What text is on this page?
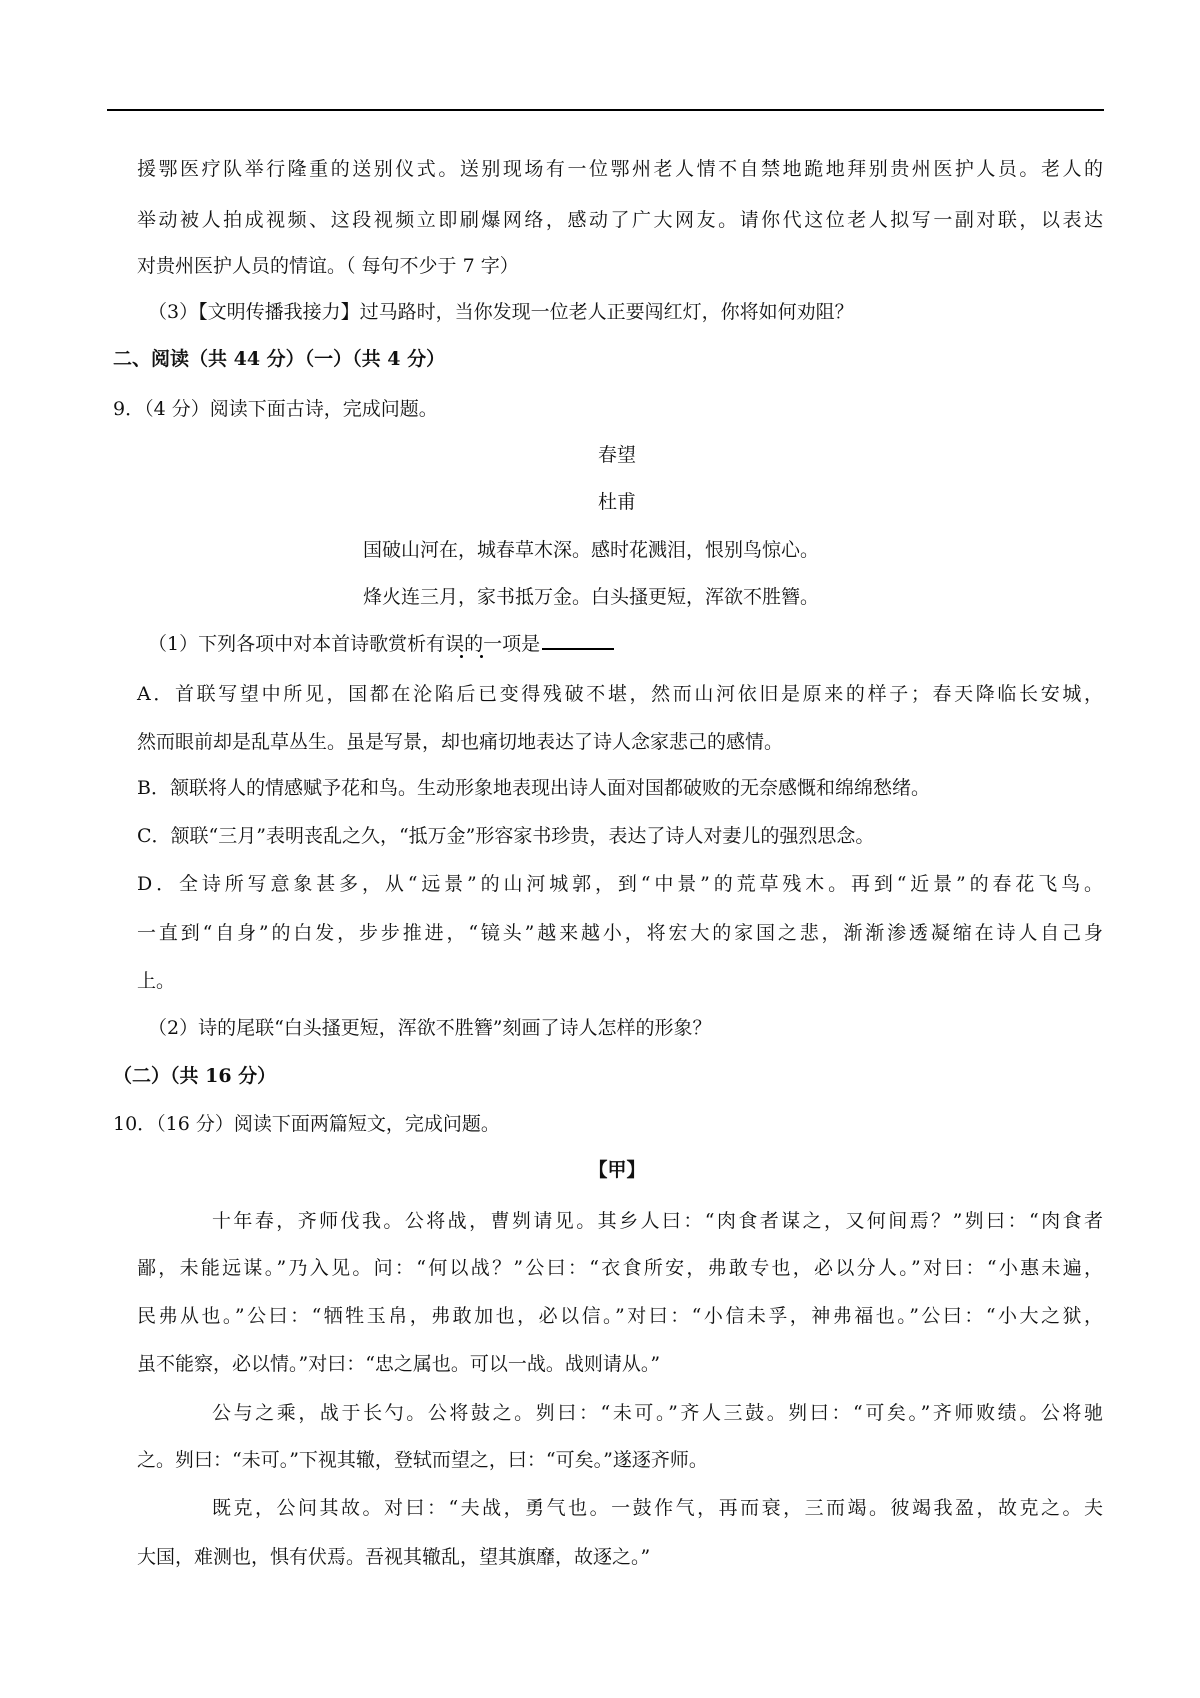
援鄂医疗队举行隆重的送别仪式。送别现场有一位鄂州老人情不自禁地跪地拜别贵州医护人员。老人的

举动被人拍成视频、这段视频立即刷爆网络，感动了广大网友。请你代这位老人拟写一副对联，以表达

对贵州医护人员的情谊。（ 每句不少于 7 字）

（3）【文明传播我接力】过马路时，当你发现一位老人正要闯红灯，你将如何劝阻？

二、阅读（共 44 分）（一）（共 4 分）

9．（4 分）阅读下面古诗，完成问题。

春望
杜甫

国破山河在，城春草木深。感时花溅泪，恨别鸟惊心。

烽火连三月，家书抵万金。白头搔更短，浑欲不胜簪。

（1）下列各项中对本首诗歌赏析有误的一项是

A．首联写望中所见，国都在沦陷后已变得残破不堪，然而山河依旧是原来的样子；春天降临长安城，

然而眼前却是乱草丛生。虽是写景，却也痛切地表达了诗人念家悲己的感情。

B．颔联将人的情感赋予花和鸟。生动形象地表现出诗人面对国都破败的无奈感慨和绵绵愁绪。

C．颔联“三月”表明丧乱之久，“抵万金”形容家书珍贵，表达了诗人对妻儿的强烈思念。

D．全诗所写意象甚多，从“远景”的山河城郭，到“中景”的荒草残木。再到“近景”的春花飞鸟。

一直到“自身”的白发，步步推进，“镜头”越来越小，将宏大的家国之悲，渐渐渗透凝缩在诗人自己身

上。

（2）诗的尾联“白头搔更短，浑欲不胜簪”刻画了诗人怎样的形象？

（二）（共 16 分）

10．（16 分）阅读下面两篇短文，完成问题。

【甲】

十年春，齐师伐我。公将战，曹刿请见。其乡人曰：“肉食者谋之，又何间焉？”刿曰：“肉食者

鄙，未能远谋。”乃入见。问：“何以战？”公曰：“衣食所安，弗敢专也，必以分人。”对曰：“小惠未遍，

民弗从也。”公曰：“牺牲玉帛，弗敢加也，必以信。”对曰：“小信未孚，神弗福也。”公曰：“小大之狱，

虽不能察，必以情。”对曰：“忠之属也。可以一战。战则请从。”

公与之乘，战于长勺。公将鼓之。刿曰：“未可。”齐人三鼓。刿曰：“可矣。”齐师败绩。公将驰

之。刿曰：“未可。”下视其辙，登轼而望之，曰：“可矣。”遂逐齐师。

既克，公问其故。对曰：“夫战，勇气也。一鼓作气，再而衰，三而竭。彼竭我盈，故克之。夫

大国，难测也，惧有伏焉。吾视其辙乱，望其旗靡，故逐之。”
